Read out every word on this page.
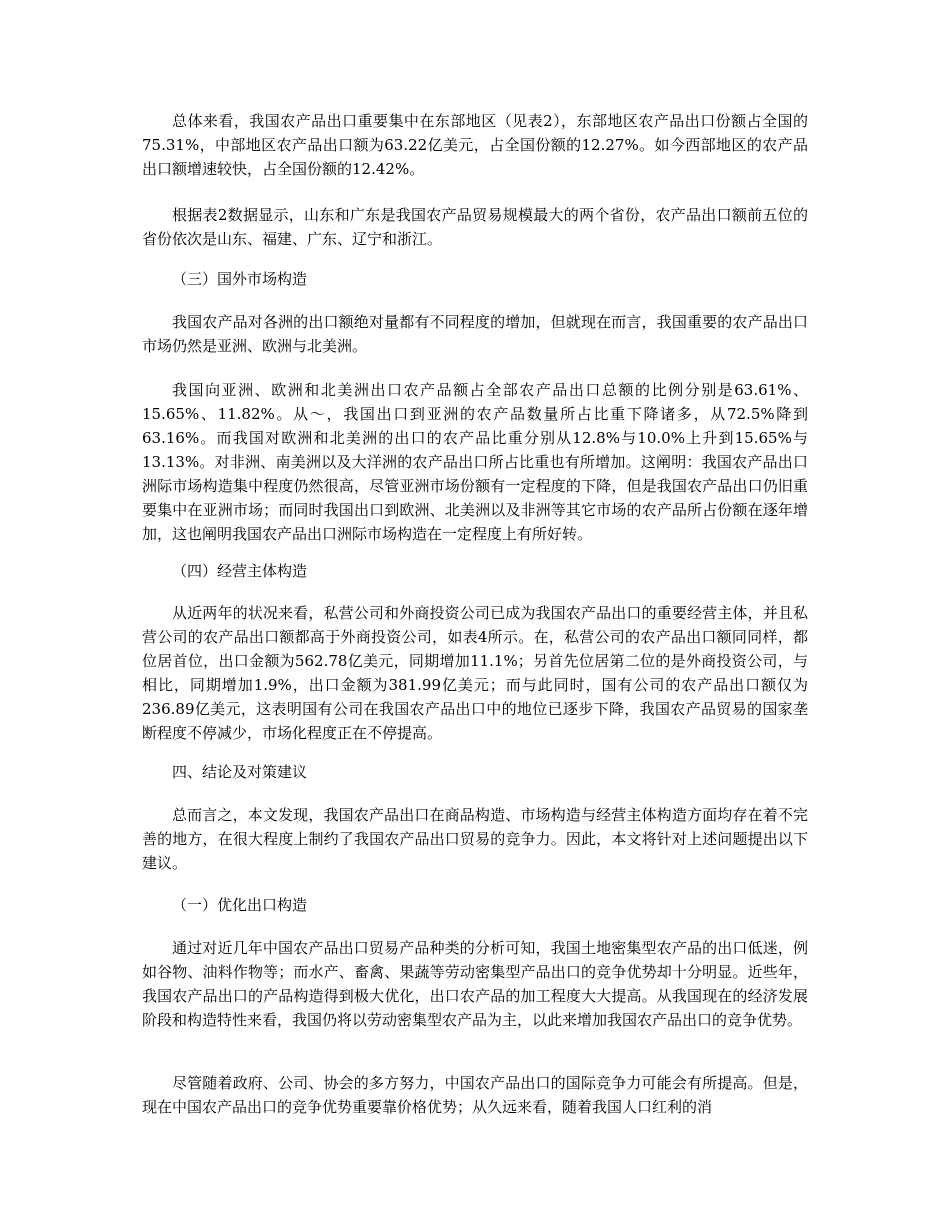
总体来看，我国农产品出口重要集中在东部地区（见表2），东部地区农产品出口份额占全国的75.31%，中部地区农产品出口额为63.22亿美元，占全国份额的12.27%。如今西部地区的农产品出口额增速较快，占全国份额的12.42%。

根据表2数据显示，山东和广东是我国农产品贸易规模最大的两个省份，农产品出口额前五位的省份依次是山东、福建、广东、辽宁和浙江。

（三）国外市场构造

我国农产品对各洲的出口额绝对量都有不同程度的增加，但就现在而言，我国重要的农产品出口市场仍然是亚洲、欧洲与北美洲。

我国向亚洲、欧洲和北美洲出口农产品额占全部农产品出口总额的比例分别是63.61%、15.65%、11.82%。从～，我国出口到亚洲的农产品数量所占比重下降诸多，从72.5%降到63.16%。而我国对欧洲和北美洲的出口的农产品比重分别从12.8%与10.0%上升到15.65%与13.13%。对非洲、南美洲以及大洋洲的农产品出口所占比重也有所增加。这阐明：我国农产品出口洲际市场构造集中程度仍然很高，尽管亚洲市场份额有一定程度的下降，但是我国农产品出口仍旧重要集中在亚洲市场；而同时我国出口到欧洲、北美洲以及非洲等其它市场的农产品所占份额在逐年增加，这也阐明我国农产品出口洲际市场构造在一定程度上有所好转。

（四）经营主体构造

从近两年的状况来看，私营公司和外商投资公司已成为我国农产品出口的重要经营主体，并且私营公司的农产品出口额都高于外商投资公司，如表4所示。在，私营公司的农产品出口额同同样，都位居首位，出口金额为562.78亿美元，同期增加11.1%；另首先位居第二位的是外商投资公司，与相比，同期增加1.9%，出口金额为381.99亿美元；而与此同时，国有公司的农产品出口额仅为236.89亿美元，这表明国有公司在我国农产品出口中的地位已逐步下降，我国农产品贸易的国家垄断程度不停减少，市场化程度正在不停提高。

四、结论及对策建议

总而言之，本文发现，我国农产品出口在商品构造、市场构造与经营主体构造方面均存在着不完善的地方，在很大程度上制约了我国农产品出口贸易的竞争力。因此，本文将针对上述问题提出以下建议。

（一）优化出口构造

通过对近几年中国农产品出口贸易产品种类的分析可知，我国土地密集型农产品的出口低迷，例如谷物、油料作物等；而水产、畜禽、果蔬等劳动密集型产品出口的竞争优势却十分明显。近些年，我国农产品出口的产品构造得到极大优化，出口农产品的加工程度大大提高。从我国现在的经济发展阶段和构造特性来看，我国仍将以劳动密集型农产品为主，以此来增加我国农产品出口的竞争优势。

尽管随着政府、公司、协会的多方努力，中国农产品出口的国际竞争力可能会有所提高。但是，现在中国农产品出口的竞争优势重要靠价格优势；从久远来看，随着我国人口红利的消
